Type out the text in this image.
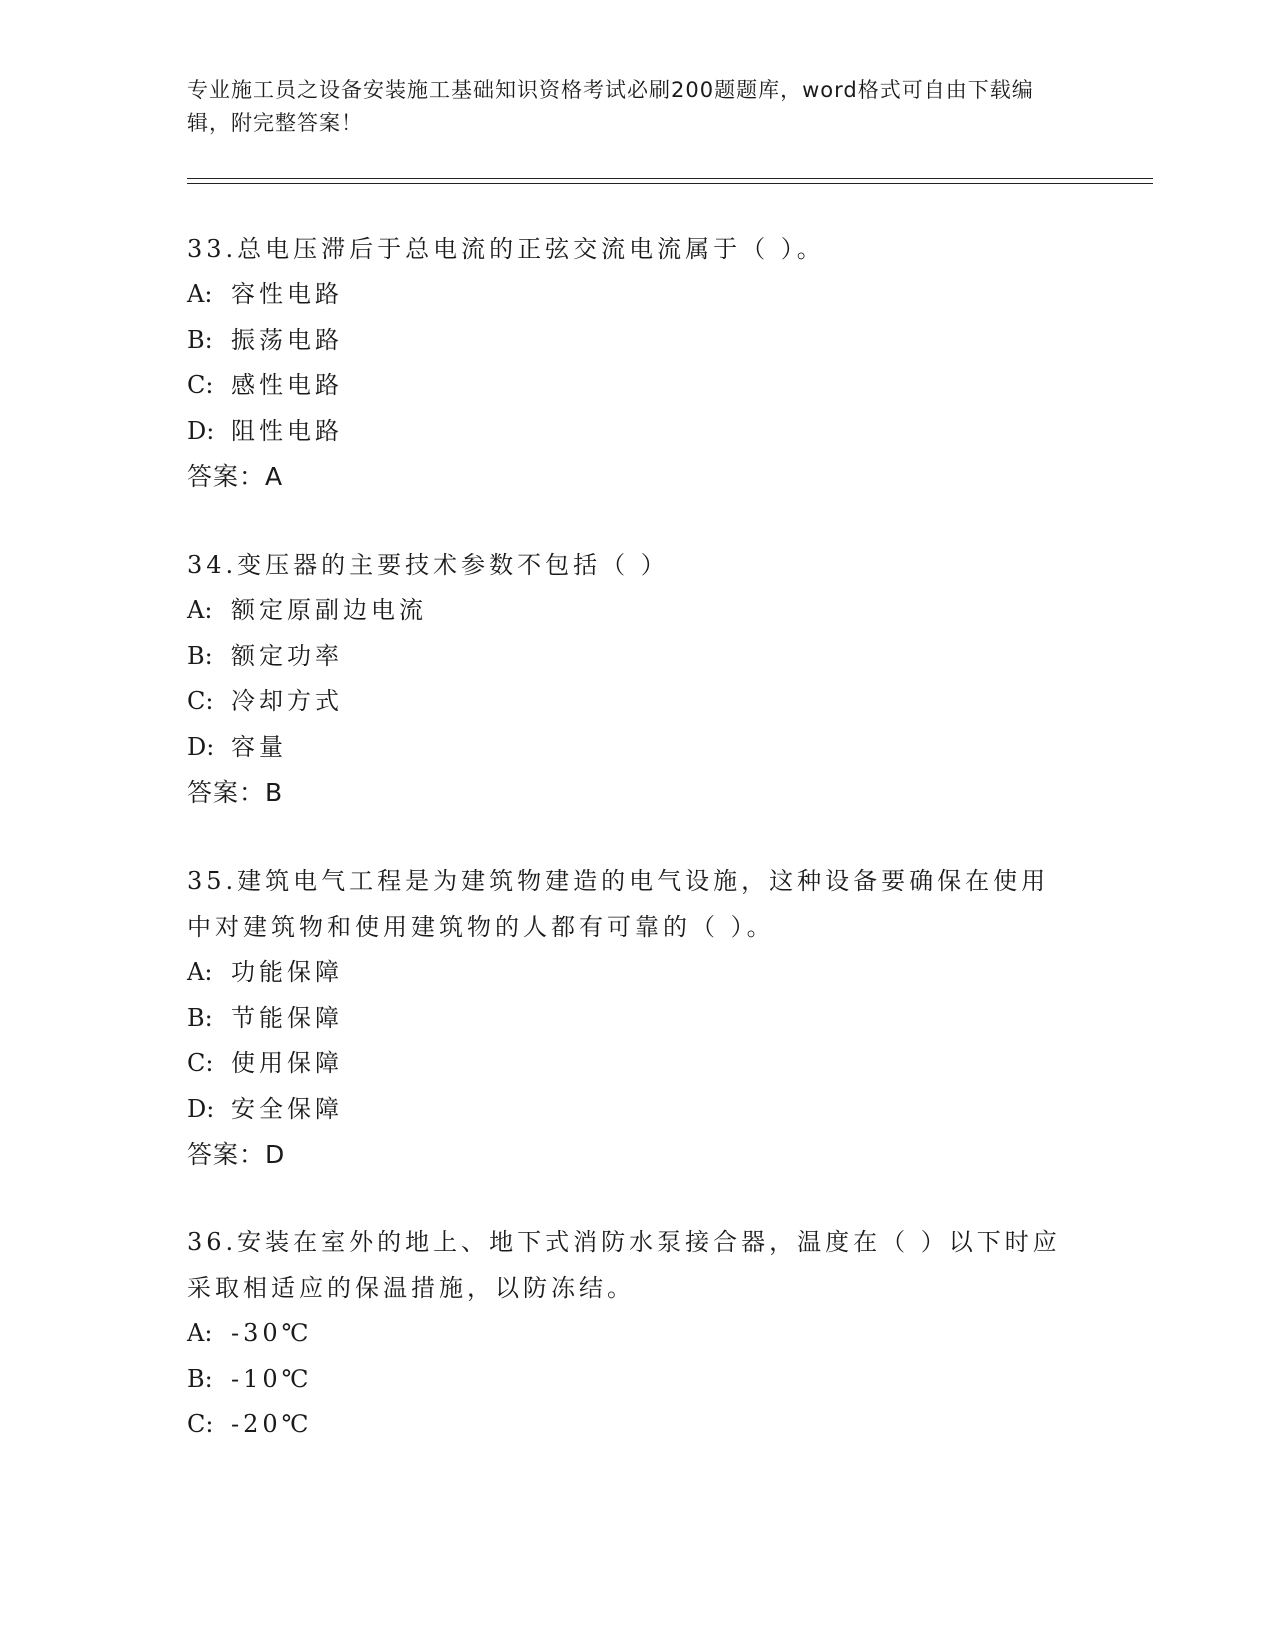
专业施工员之设备安装施工基础知识资格考试必刷200题题库，word格式可自由下载编辑，附完整答案！
33.总电压滞后于总电流的正弦交流电流属于（ ）。
A: 容性电路
B: 振荡电路
C: 感性电路
D: 阻性电路
答案：A
34.变压器的主要技术参数不包括（ ）
A: 额定原副边电流
B: 额定功率
C: 冷却方式
D: 容量
答案：B
35.建筑电气工程是为建筑物建造的电气设施，这种设备要确保在使用中对建筑物和使用建筑物的人都有可靠的（ ）。
A: 功能保障
B: 节能保障
C: 使用保障
D: 安全保障
答案：D
36.安装在室外的地上、地下式消防水泵接合器，温度在（ ）以下时应采取相适应的保温措施，以防冻结。
A: -30℃
B: -10℃
C: -20℃
